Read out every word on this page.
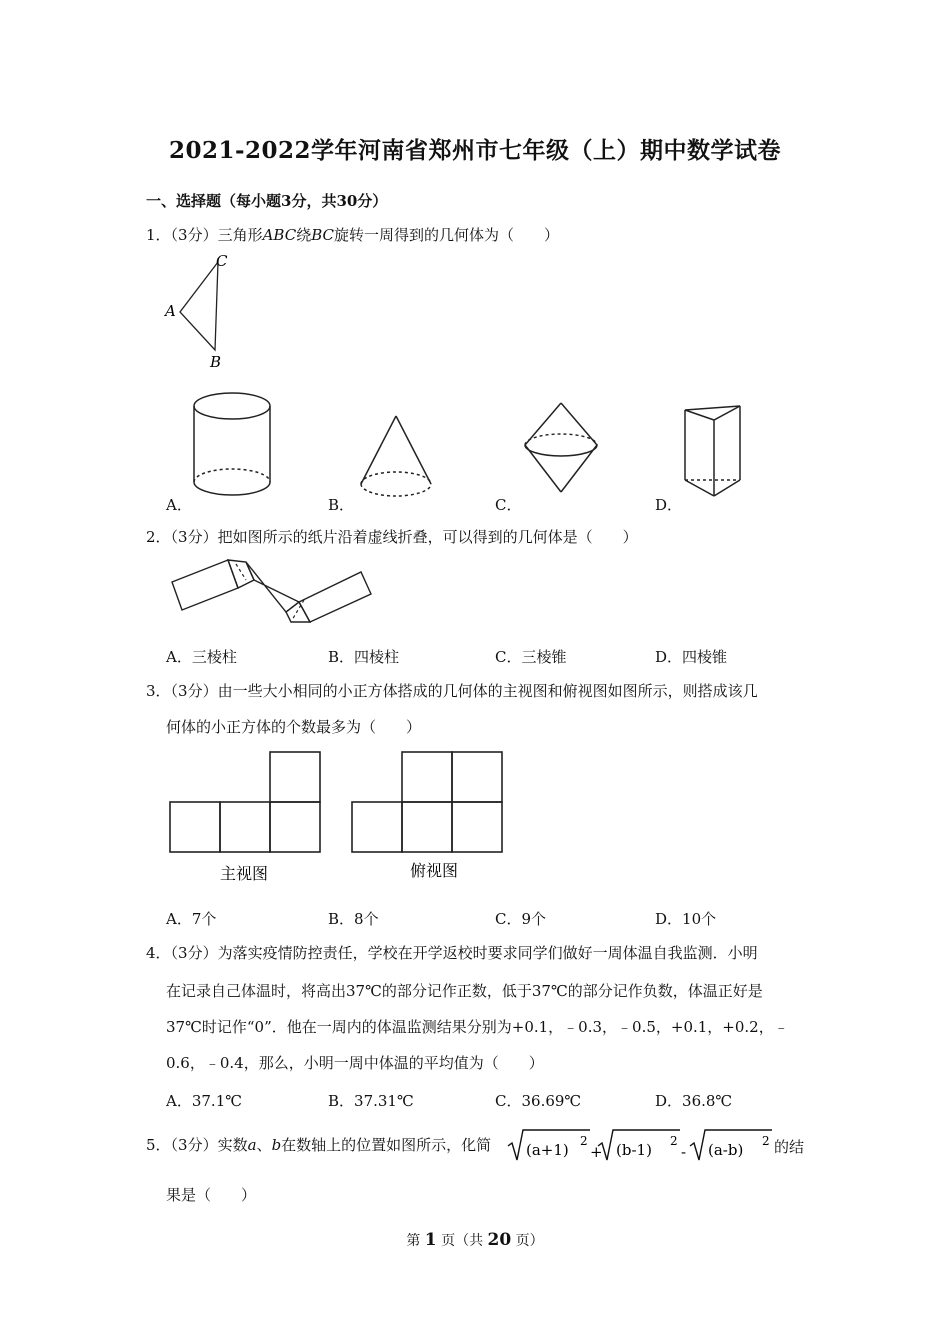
2021-2022学年河南省郑州市七年级（上）期中数学试卷
一、选择题（每小题3分，共30分）
1．（3分）三角形ABC绕BC旋转一周得到的几何体为（　　）
C
A
B
A．	B．	C．	D．
2．（3分）把如图所示的纸片沿着虚线折叠，可以得到的几何体是（　　）
A．三棱柱	B．四棱柱	C．三棱锥	D．四棱锥
3．（3分）由一些大小相同的小正方体搭成的几何体的主视图和俯视图如图所示，则搭成该几
何体的小正方体的个数最多为（　　）
主视图	俯视图
A．7个	B．8个	C．9个	D．10个
4．（3分）为落实疫情防控责任，学校在开学返校时要求同学们做好一周体温自我监测．小明
在记录自己体温时，将高出37℃的部分记作正数，低于37℃的部分记作负数，体温正好是
37℃时记作“0”．他在一周内的体温监测结果分别为+0.1，﹣0.3，﹣0.5，+0.1，+0.2，﹣
0.6，﹣0.4，那么，小明一周中体温的平均值为（　　）
A．37.1℃	B．37.31℃	C．36.69℃	D．36.8℃
5．（3分）实数a、b在数轴上的位置如图所示，化简 (a+1) 2
+ (b-1) 2
- (a-b) 2 的结
果是（　　）
第 1 页（共 20 页）
